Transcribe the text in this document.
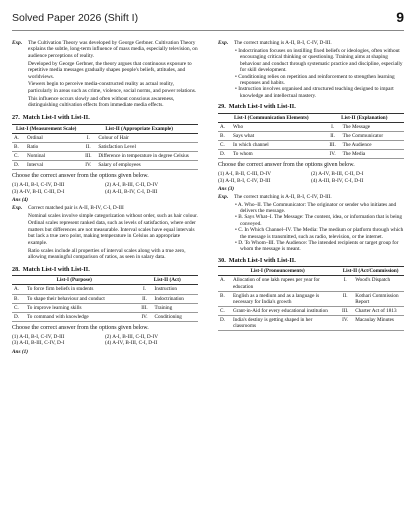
Solved Paper 2026 (Shift I)	9
Exp.	The Cultivation Theory was developed by George Gerbner. Cultivation Theory explains the subtle, long-term influence of mass media, especially television, on audience perceptions of reality.

Developed by George Gerbner, the theory argues that continuous exposure to repetitive media messages gradually shapes people's beliefs, attitudes, and worldviews.

Viewers begin to perceive media-constructed reality as actual reality, particularly in areas such as crime, violence, social norms, and power relations.

This influence occurs slowly and often without conscious awareness, distinguishing cultivation effects from immediate media effects.

27. Match List-I with List-II.
List-I (Measurement Scale)		List-II (Appropriate Example)	
A.	Ordinal	I.	Colour of Hair
B.	Ratio	II.	Satisfaction Level
C.	Nominal	III.	Difference in temperature in degree Celsius
D.	Interval	IV.	Salary of employees
Choose the correct answer from the options given below.
(1) A-II, B-I, C-IV, D-III	(2) A-I, B-III, C-II, D-IV
(3) A-IV, B-II, C-III, D-I	(4) A-II, B-IV, C-I, D-III
Ans (4)
Exp.	Correct matched pair is A-II, B-IV, C-I, D-III

Nominal scales involve simple categorization without order, such as hair colour.

Ordinal scales represent ranked data, such as levels of satisfaction, where order matters but differences are not measurable. Interval scales have equal intervals but lack a true zero point, making temperature in Celsius an appropriate example.

Ratio scales include all properties of interval scales along with a true zero, allowing meaningful comparison of ratios, as seen in salary data.

28. Match List-I with List-II.
List-I (Purpose)		List-II (Act)	
A.	To force firm beliefs in students	I.	Instruction
B.	To shape their behaviour and conduct	II.	Indoctrination
C.	To improve learning skills	III.	Training
D.	To command with knowledge	IV.	Conditioning
Choose the correct answer from the options given below.
(1) A-II, B-I, C-IV, D-III	(2) A-I, B-III, C-II, D-IV
(3) A-II, B-III, C-IV, D-I	(4) A-IV, B-III, C-I, D-II
Ans (1)
Exp.	The correct matching is A-II, B-I, C-IV, D-III.

• Indoctrination focuses on instilling fixed beliefs or ideologies, often without encouraging critical thinking or questioning. Training aims at shaping behaviour and conduct through systematic practice and discipline, especially for skill development.
• Conditioning relies on repetition and reinforcement to strengthen learning responses and habits.
• Instruction involves organised and structured teaching designed to impart knowledge and intellectual mastery.
29. Match List-I with List-II.
List-I (Communication Elements)		List-II (Explanation)	
A.	Who	I.	The Message
B.	Says what	II.	The Communicator
C.	In which channel	III.	The Audience
D.	To whom	IV.	The Media
Choose the correct answer from the options given below.
(1) A-I, B-II, C-III, D-IV	(2) A-IV, B-III, C-II, D-I
(3) A-II, B-I, C-IV, D-III	(4) A-III, B-IV, C-I, D-II
Ans (3)
Exp.	The correct matching is A-II, B-I, C-IV, D-III.

• A. Who–II. The Communicator: The originator or sender who initiates and delivers the message.
• B. Says What–I. The Message: The content, idea, or information that is being conveyed.
• C. In Which Channel–IV. The Media: The medium or platform through which the message is transmitted, such as radio, television, or the internet.
• D. To Whom–III. The Audience: The intended recipients or target group for whom the message is meant.
30. Match List-I with List-II.
List-I (Pronouncements)		List-II (Act/Commission)	
A.	Allocation of one lakh rupees per year for education	I.	Wood's Dispatch
B.	English as a medium and as a language is necessary for India's growth	II.	Kothari Commission Report
C.	Grant-in-Aid for every educational institution	III.	Charter Act of 1813
D.	India's destiny is getting shaped in her classrooms	IV.	Macaulay Minutes
